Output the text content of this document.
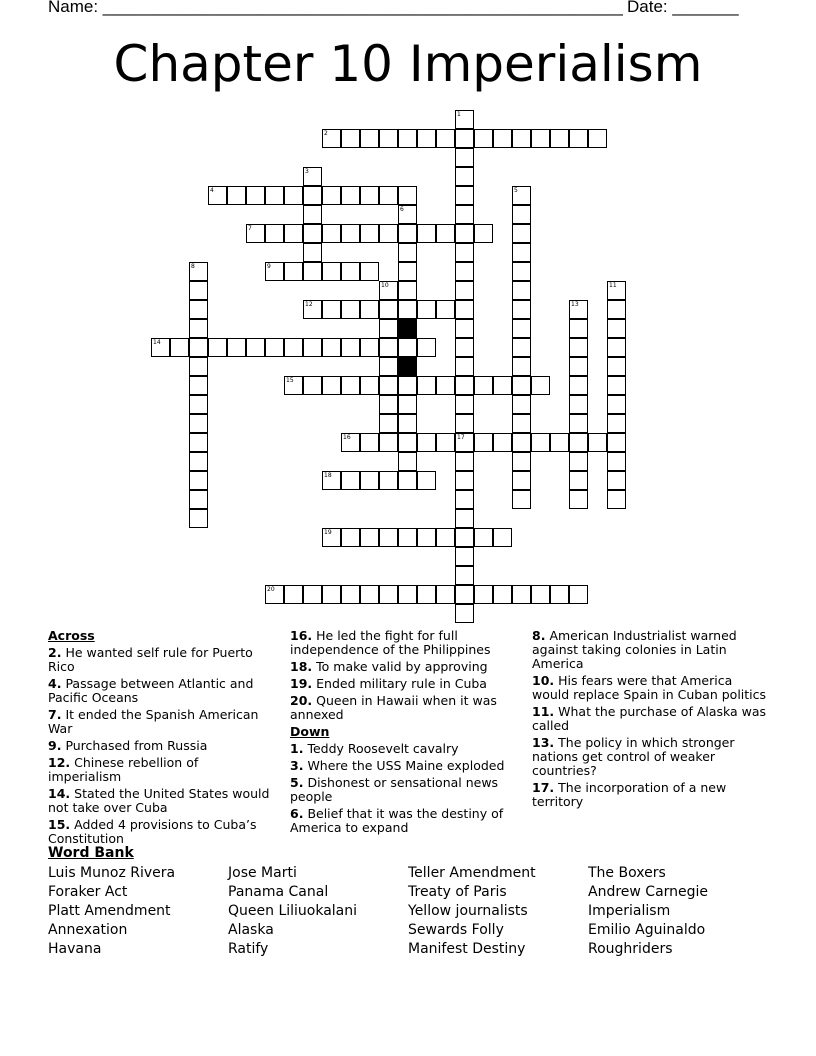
Name: _______________________________________________________ Date: _______
Chapter 10 Imperialism
1
17
2
3
4	5
6
7
8	9
10	11
12	13
14
15
16
18
19
20
Across
2. He wanted self rule for Puerto Rico
4. Passage between Atlantic and Pacific Oceans
7. It ended the Spanish American War
9. Purchased from Russia
12. Chinese rebellion of imperialism
14. Stated the United States would not take over Cuba
15. Added 4 provisions to Cuba’s Constitution
16. He led the fight for full independence of the Philippines
18. To make valid by approving
19. Ended military rule in Cuba
20. Queen in Hawaii when it was annexed
Down
1. Teddy Roosevelt cavalry
3. Where the USS Maine exploded
5. Dishonest or sensational news people
6. Belief that it was the destiny of America to expand
8. American Industrialist warned against taking colonies in Latin America
10. His fears were that America would replace Spain in Cuban politics
11. What the purchase of Alaska was called
13. The policy in which stronger nations get control of weaker countries?
17. The incorporation of a new territory
Word Bank
Luis Munoz Rivera
Foraker Act
Platt Amendment
Annexation
Havana
Jose Marti
Panama Canal
Queen Liliuokalani
Alaska
Ratify
Teller Amendment
Treaty of Paris
Yellow journalists
Sewards Folly
Manifest Destiny
The Boxers
Andrew Carnegie
Imperialism
Emilio Aguinaldo
Roughriders
